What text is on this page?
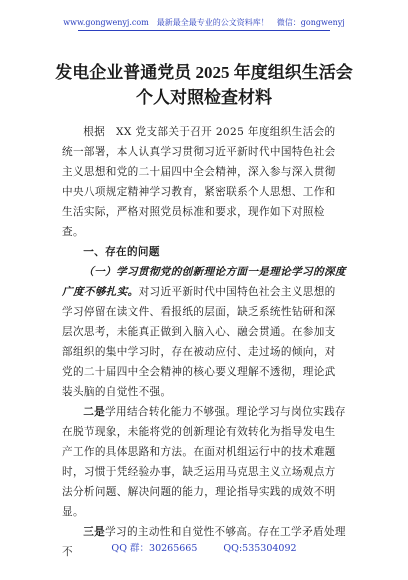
www.gongwenyj.com 最新最全最专业的公文资料库！ 微信：gongwenyj
发电企业普通党员 2025 年度组织生活会
个人对照检查材料

根据　XX 党支部关于召开 2025 年度组织生活会的统一部署，本人认真学习贯彻习近平新时代中国特色社会主义思想和党的二十届四中全会精神，深入参与深入贯彻中央八项规定精神学习教育，紧密联系个人思想、工作和生活实际，严格对照党员标准和要求，现作如下对照检查。

一、存在的问题

（一）学习贯彻党的创新理论方面一是理论学习的深度广度不够扎实。对习近平新时代中国特色社会主义思想的学习停留在读文件、看报纸的层面，缺乏系统性钻研和深层次思考，未能真正做到入脑入心、融会贯通。在参加支部组织的集中学习时，存在被动应付、走过场的倾向，对党的二十届四中全会精神的核心要义理解不透彻，理论武装头脑的自觉性不强。

二是学用结合转化能力不够强。理论学习与岗位实践存在脱节现象，未能将党的创新理论有效转化为指导发电生产工作的具体思路和方法。在面对机组运行中的技术难题时，习惯于凭经验办事，缺乏运用马克思主义立场观点方法分析问题、解决问题的能力，理论指导实践的成效不明显。

三是学习的主动性和自觉性不够高。存在工学矛盾处理不	QQ 群：30265665	QQ:535304092
